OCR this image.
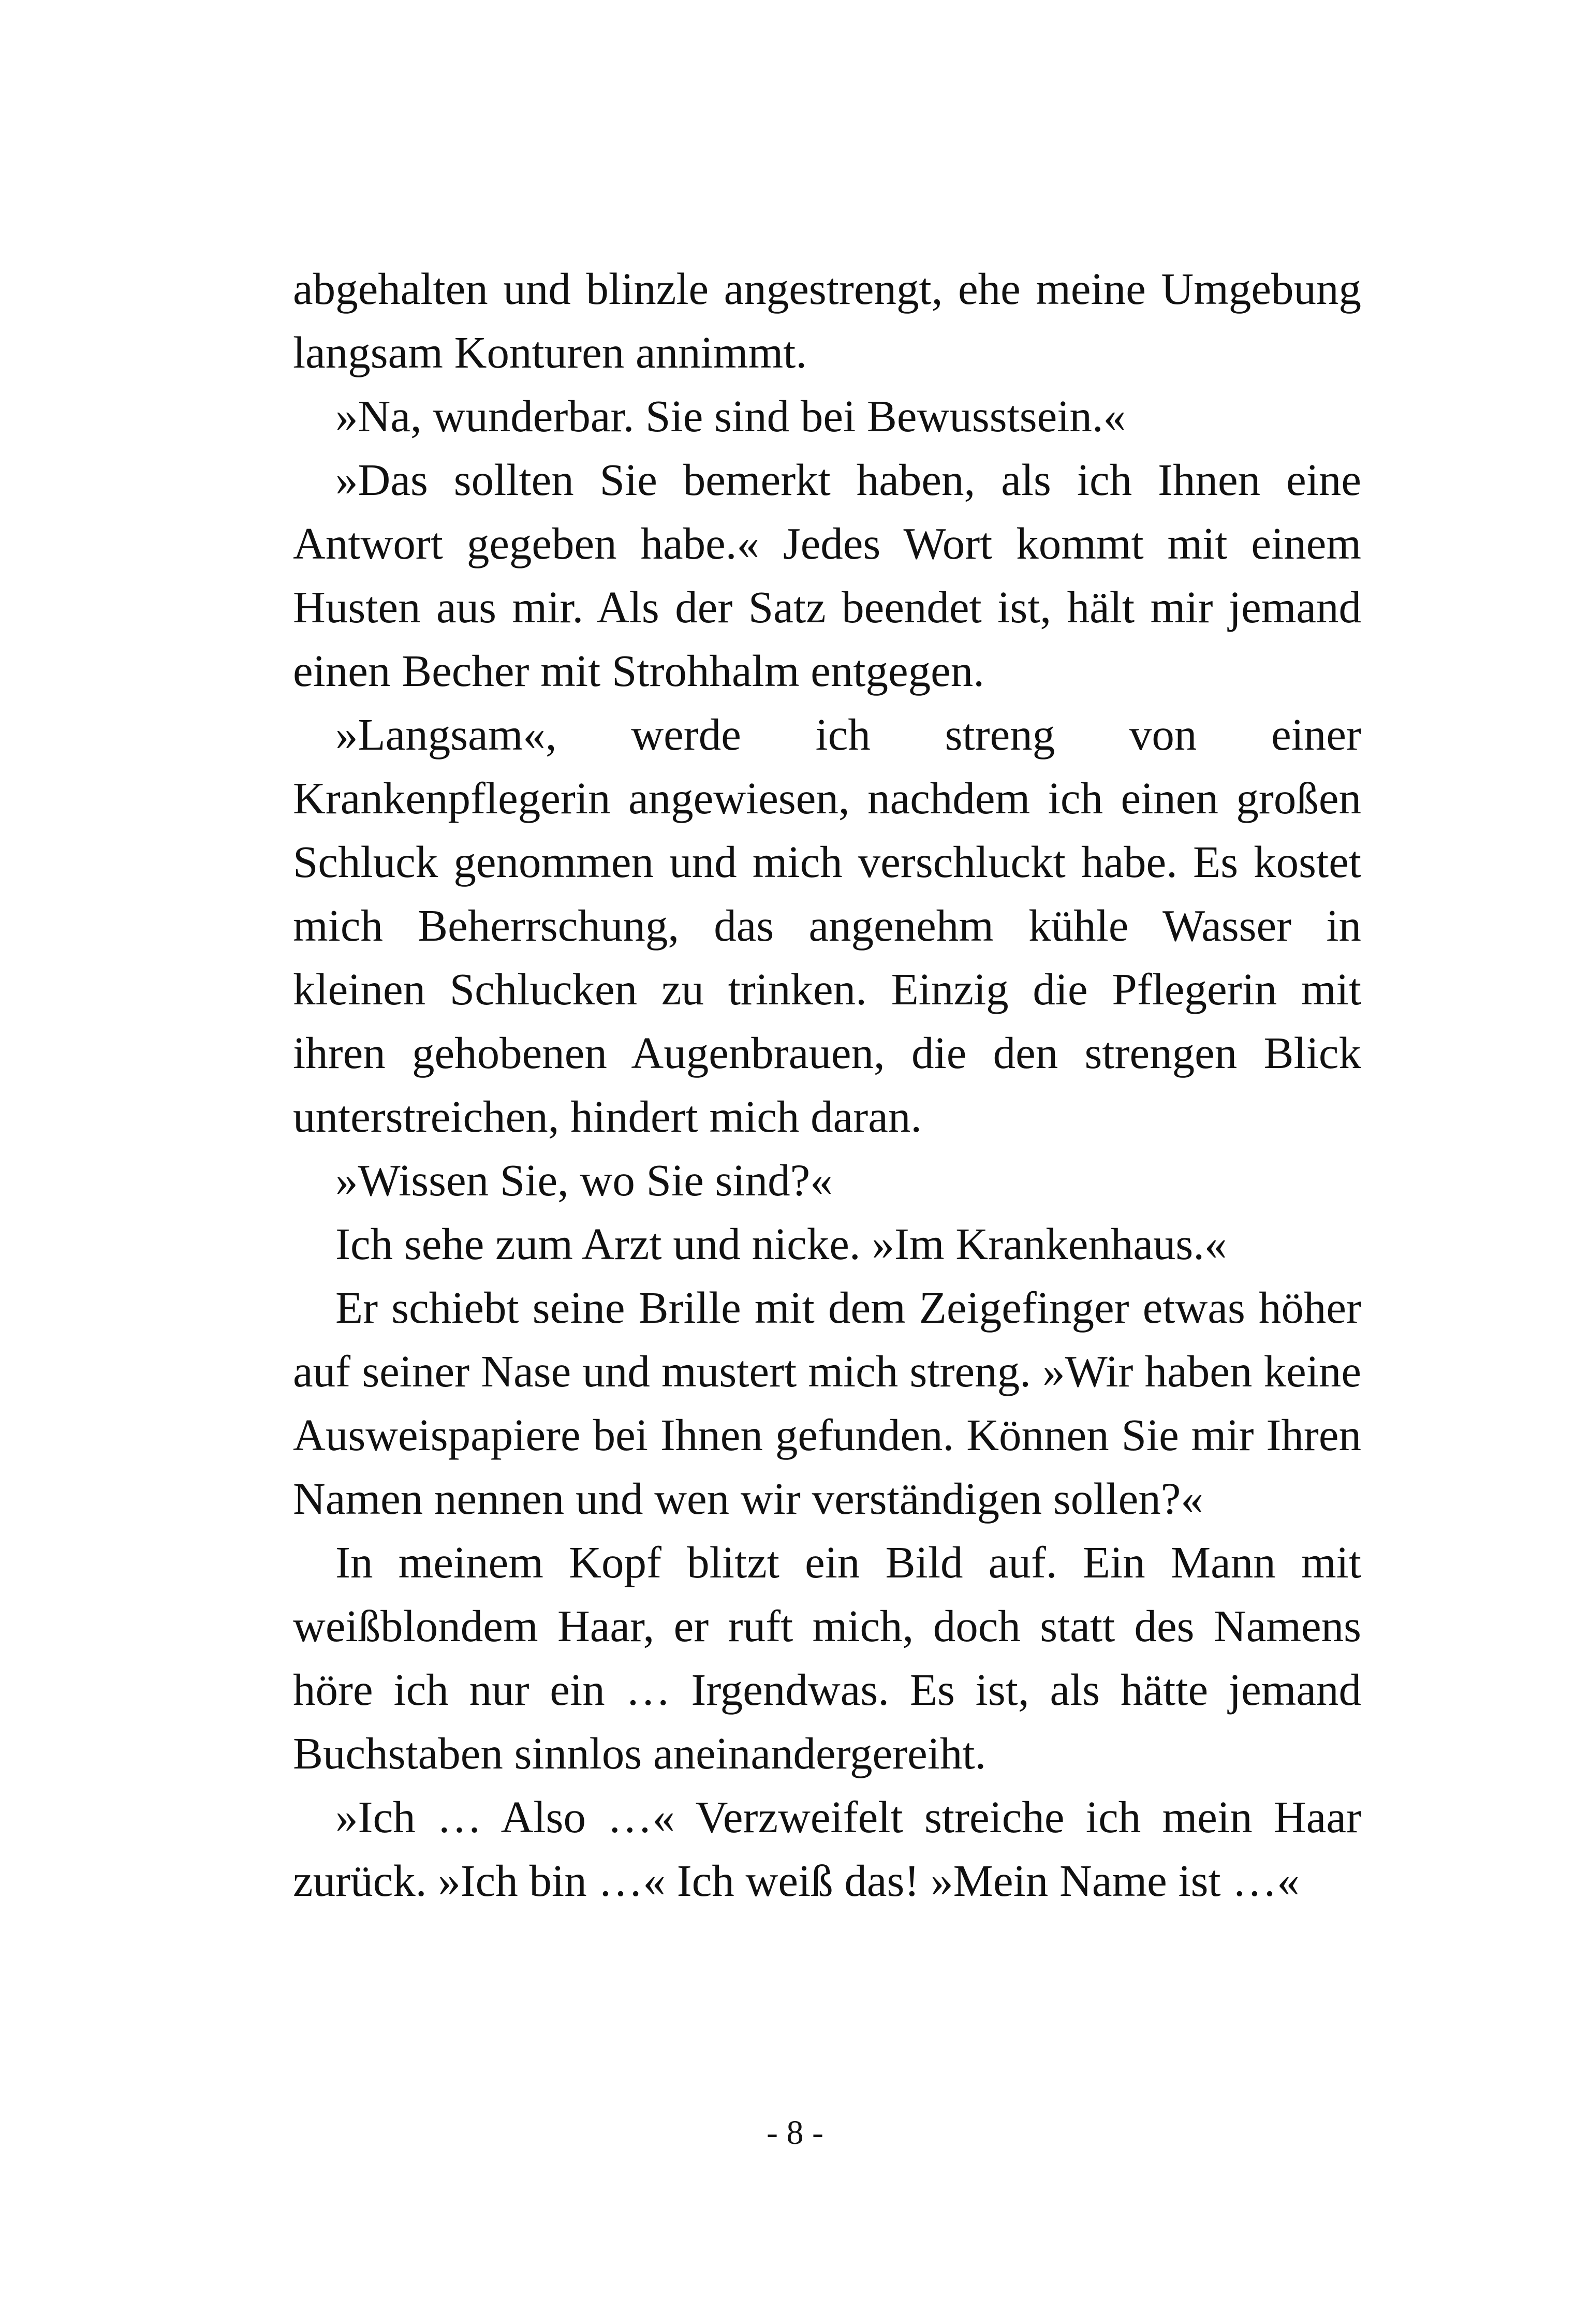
abgehalten und blinzle angestrengt, ehe meine Umgebung langsam Konturen annimmt.

»Na, wunderbar. Sie sind bei Bewusstsein.«

»Das sollten Sie bemerkt haben, als ich Ihnen eine Antwort gegeben habe.« Jedes Wort kommt mit einem Husten aus mir. Als der Satz beendet ist, hält mir jemand einen Becher mit Strohhalm entgegen.

»Langsam«, werde ich streng von einer Krankenpflegerin angewiesen, nachdem ich einen großen Schluck genommen und mich verschluckt habe. Es kostet mich Beherrschung, das angenehm kühle Wasser in kleinen Schlucken zu trinken. Einzig die Pflegerin mit ihren gehobenen Augenbrauen, die den strengen Blick unterstreichen, hindert mich daran.

»Wissen Sie, wo Sie sind?«

Ich sehe zum Arzt und nicke. »Im Krankenhaus.«

Er schiebt seine Brille mit dem Zeigefinger etwas höher auf seiner Nase und mustert mich streng. »Wir haben keine Ausweispapiere bei Ihnen gefunden. Können Sie mir Ihren Namen nennen und wen wir verständigen sollen?«

In meinem Kopf blitzt ein Bild auf. Ein Mann mit weißblondem Haar, er ruft mich, doch statt des Namens höre ich nur ein … Irgendwas. Es ist, als hätte jemand Buchstaben sinnlos aneinandergereiht.

»Ich … Also …« Verzweifelt streiche ich mein Haar zurück. »Ich bin …« Ich weiß das! »Mein Name ist …«

- 8 -
